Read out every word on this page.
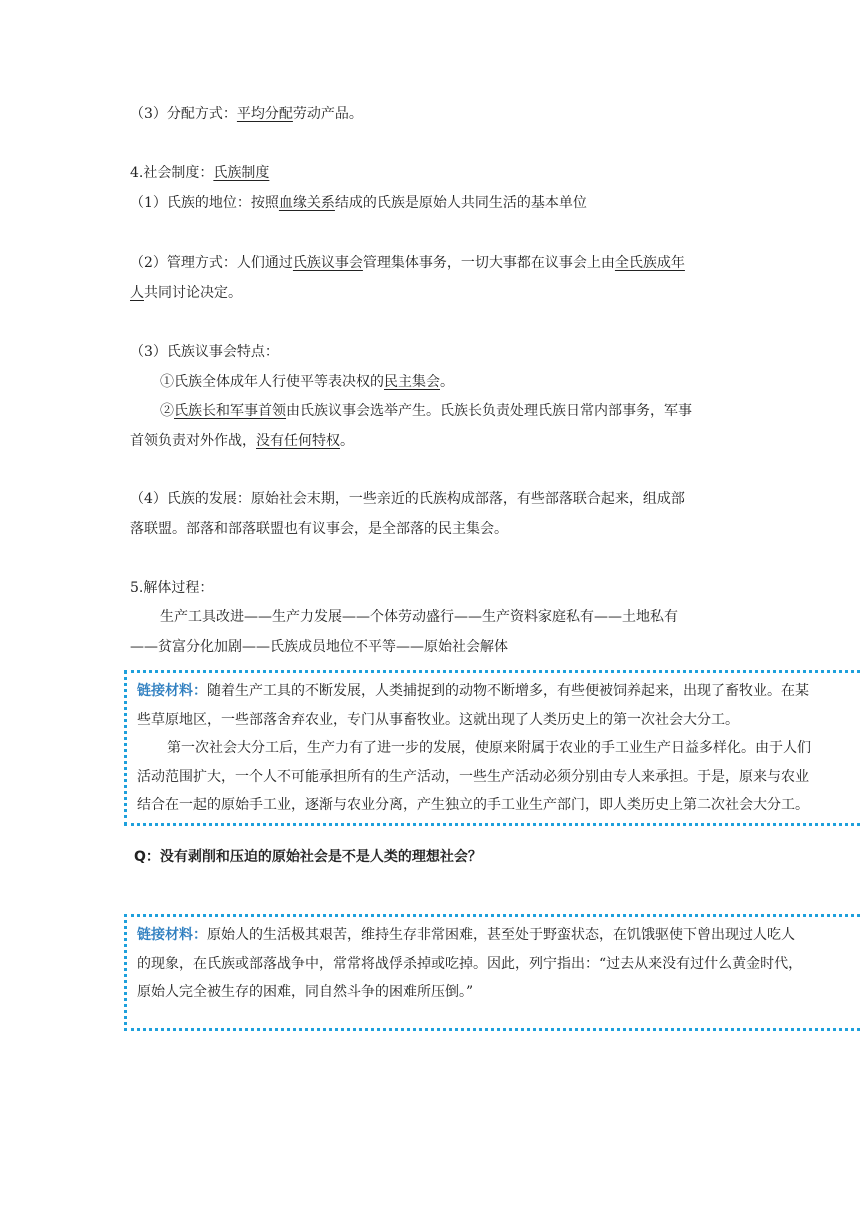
（3）分配方式：平均分配劳动产品。
4.社会制度：氏族制度
（1）氏族的地位：按照血缘关系结成的氏族是原始人共同生活的基本单位
（2）管理方式：人们通过氏族议事会管理集体事务，一切大事都在议事会上由全氏族成年
人共同讨论决定。
（3）氏族议事会特点：
①氏族全体成年人行使平等表决权的民主集会。
②氏族长和军事首领由氏族议事会选举产生。氏族长负责处理氏族日常内部事务，军事
首领负责对外作战，没有任何特权。
（4）氏族的发展：原始社会末期，一些亲近的氏族构成部落，有些部落联合起来，组成部
落联盟。部落和部落联盟也有议事会，是全部落的民主集会。
5.解体过程：
生产工具改进——生产力发展——个体劳动盛行——生产资料家庭私有——土地私有
——贫富分化加剧——氏族成员地位不平等——原始社会解体
链接材料：随着生产工具的不断发展，人类捕捉到的动物不断增多，有些便被饲养起来，出现了畜牧业。在某
些草原地区，一些部落舍弃农业，专门从事畜牧业。这就出现了人类历史上的第一次社会大分工。
第一次社会大分工后，生产力有了进一步的发展，使原来附属于农业的手工业生产日益多样化。由于人们
活动范围扩大，一个人不可能承担所有的生产活动，一些生产活动必须分别由专人来承担。于是，原来与农业
结合在一起的原始手工业，逐渐与农业分离，产生独立的手工业生产部门，即人类历史上第二次社会大分工。
Q：没有剥削和压迫的原始社会是不是人类的理想社会？
链接材料：原始人的生活极其艰苦，维持生存非常困难，甚至处于野蛮状态，在饥饿驱使下曾出现过人吃人
的现象，在氏族或部落战争中，常常将战俘杀掉或吃掉。因此，列宁指出：“过去从来没有过什么黄金时代，
原始人完全被生存的困难，同自然斗争的困难所压倒。”
